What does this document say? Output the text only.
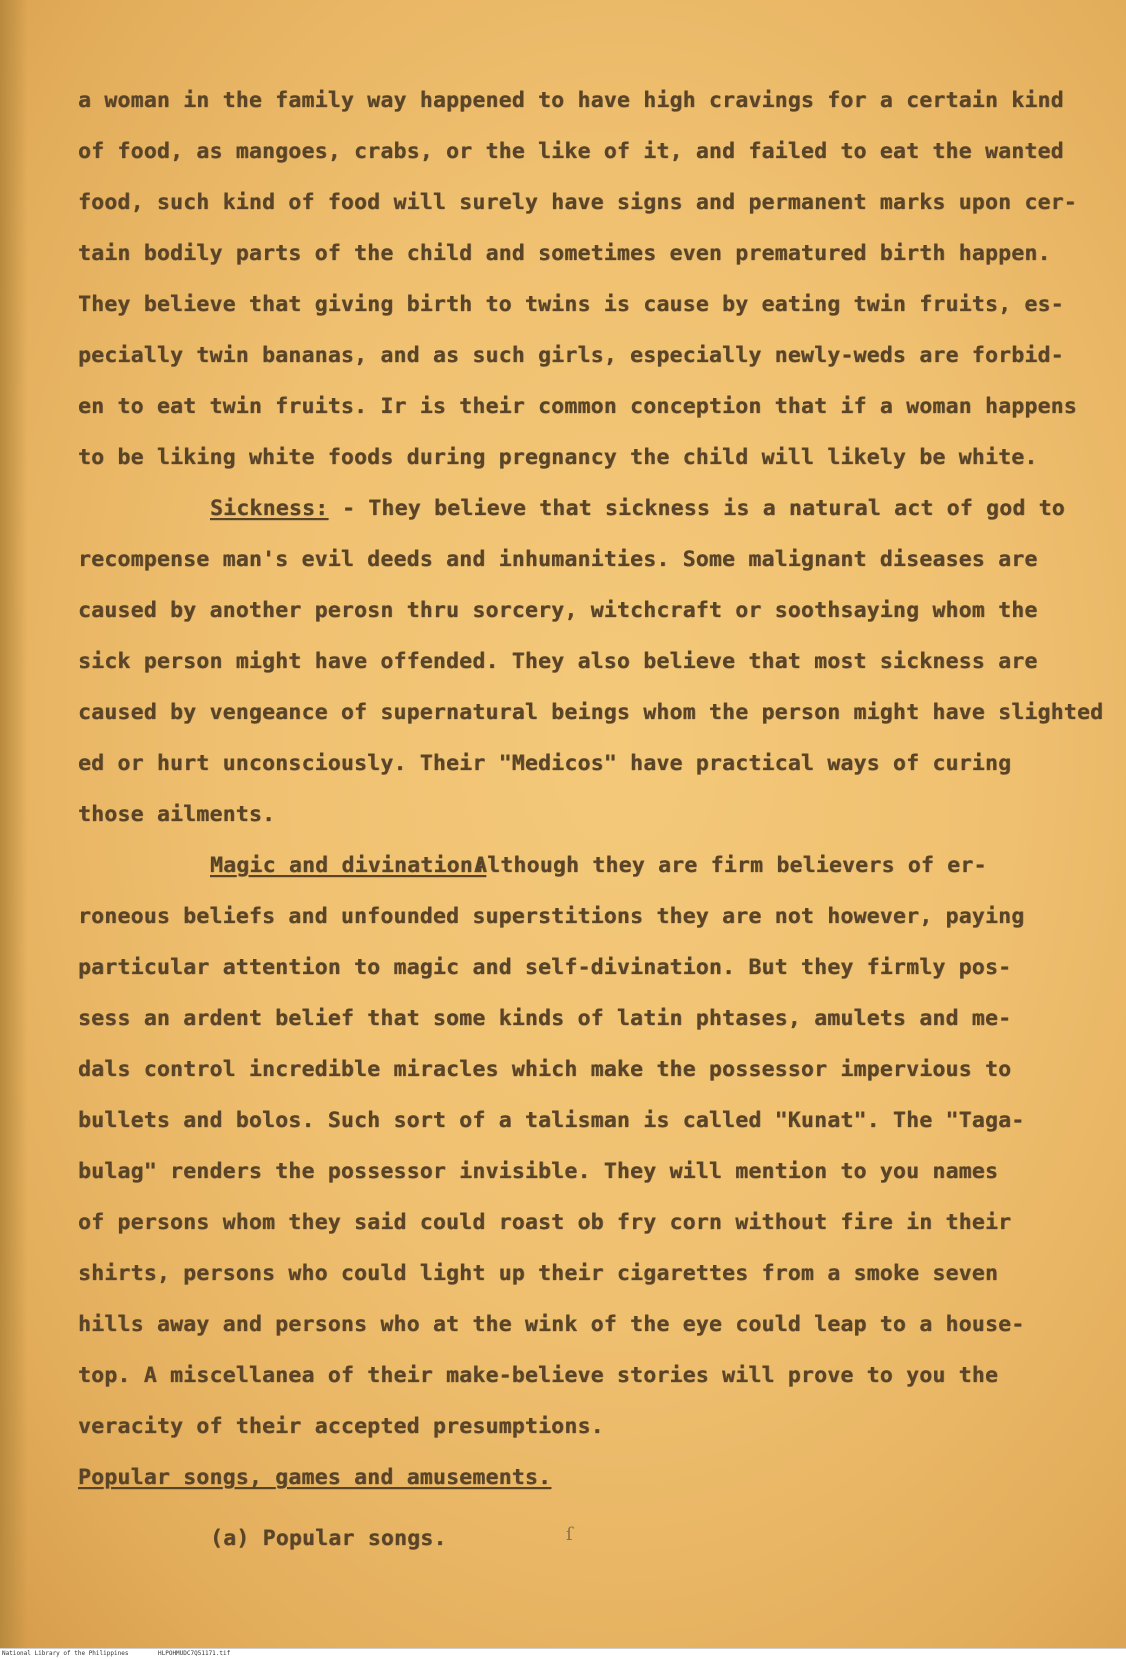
a woman in the family way happened to have high cravings for a certain kind
of food, as mangoes, crabs, or the like of it, and failed to eat the wanted
food, such kind of food will surely have signs and permanent marks upon cer-
tain bodily parts of the child and sometimes even prematured birth happen.
They believe that giving birth to twins is cause by eating twin fruits, es-
pecially twin bananas, and as such girls, especially newly-weds are forbid-
en to eat twin fruits. Ir is their common conception that if a woman happens
to be liking white foods during pregnancy the child will likely be white.
Sickness: - They believe that sickness is a natural act of god to
recompense man's evil deeds and inhumanities. Some malignant diseases are
caused by another perosn thru sorcery, witchcraft or soothsaying whom the
sick person might have offended. They also believe that most sickness are
caused by vengeance of supernatural beings whom the person might have slighted
ed or hurt unconsciously. Their "Medicos" have practical ways of curing
those ailments.
Magic and divination:
Although they are firm believers of er-
roneous beliefs and unfounded superstitions they are not however, paying
particular attention to magic and self-divination. But they firmly pos-
sess an ardent belief that some kinds of latin phtases, amulets and me-
dals control incredible miracles which make the possessor impervious to
bullets and bolos. Such sort of a talisman is called "Kunat". The "Taga-
bulag" renders the possessor invisible. They will mention to you names
of persons whom they said could roast ob fry corn without fire in their
shirts, persons who could light up their cigarettes from a smoke seven
hills away and persons who at the wink of the eye could leap to a house-
top. A miscellanea of their make-believe stories will prove to you the
veracity of their accepted presumptions.
Popular songs, games and amusements.
(a) Popular songs.	ſ
National Library of the Philippines	HLPOHMUDC7Q51171.tif
